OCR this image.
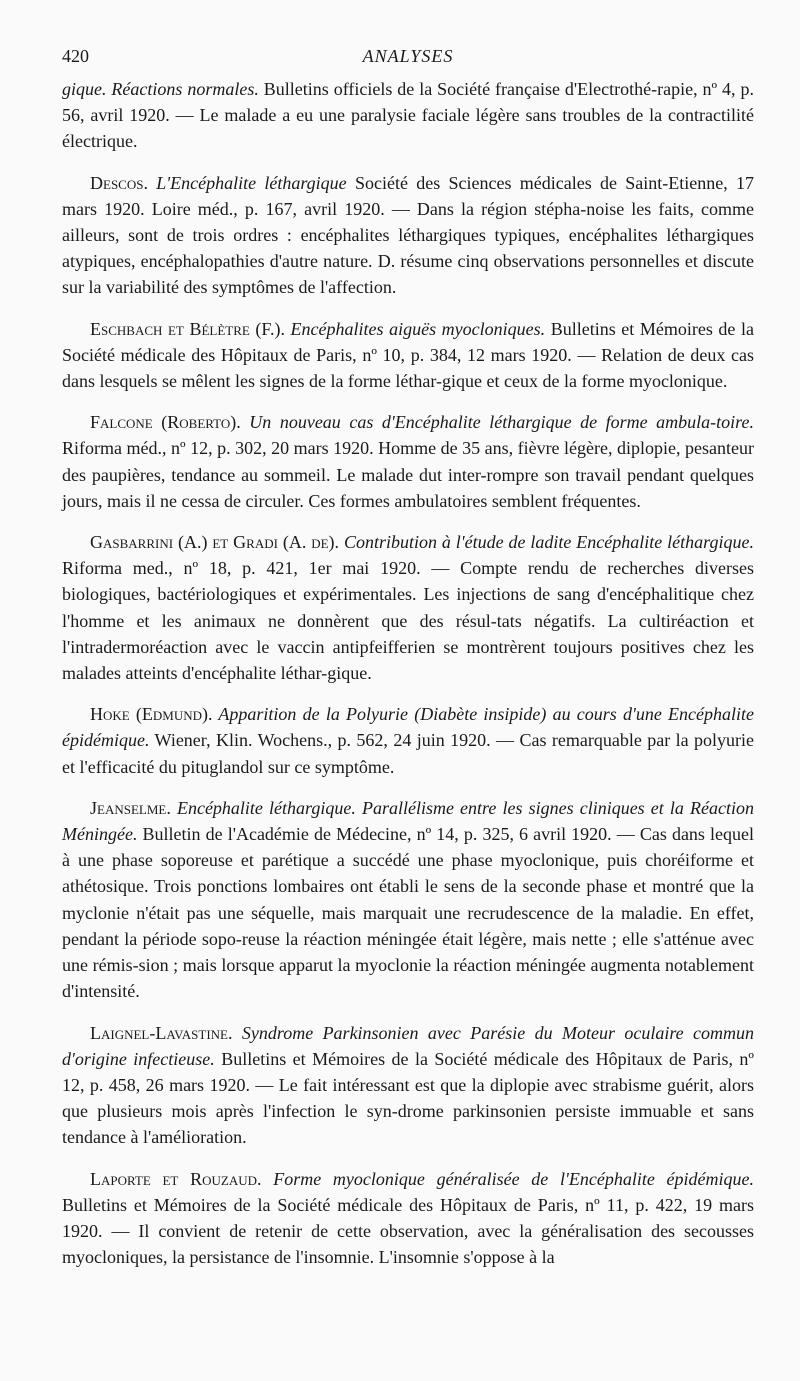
420	ANALYSES

gique. Réactions normales. Bulletins officiels de la Société française d'Electrothé-rapie, nº 4, p. 56, avril 1920. — Le malade a eu une paralysie faciale légère sans troubles de la contractilité électrique.

Descos. L'Encéphalite léthargique Société des Sciences médicales de Saint-Etienne, 17 mars 1920. Loire méd., p. 167, avril 1920. — Dans la région stépha-noise les faits, comme ailleurs, sont de trois ordres : encéphalites léthargiques typiques, encéphalites léthargiques atypiques, encéphalopathies d'autre nature. D. résume cinq observations personnelles et discute sur la variabilité des symptômes de l'affection.

Eschbach et Bélètre (F.). Encéphalites aiguës myocloniques. Bulletins et Mémoires de la Société médicale des Hôpitaux de Paris, nº 10, p. 384, 12 mars 1920. — Relation de deux cas dans lesquels se mêlent les signes de la forme léthar-gique et ceux de la forme myoclonique.

Falcone (Roberto). Un nouveau cas d'Encéphalite léthargique de forme ambula-toire. Riforma méd., nº 12, p. 302, 20 mars 1920. Homme de 35 ans, fièvre légère, diplopie, pesanteur des paupières, tendance au sommeil. Le malade dut inter-rompre son travail pendant quelques jours, mais il ne cessa de circuler. Ces formes ambulatoires semblent fréquentes.

Gasbarrini (A.) et Gradi (A. de). Contribution à l'étude de ladite Encéphalite léthargique. Riforma med., nº 18, p. 421, 1er mai 1920. — Compte rendu de recherches diverses biologiques, bactériologiques et expérimentales. Les injections de sang d'encéphalitique chez l'homme et les animaux ne donnèrent que des résul-tats négatifs. La cultiréaction et l'intradermoréaction avec le vaccin antipfeifferien se montrèrent toujours positives chez les malades atteints d'encéphalite léthar-gique.

Hoke (Edmund). Apparition de la Polyurie (Diabète insipide) au cours d'une Encéphalite épidémique. Wiener, Klin. Wochens., p. 562, 24 juin 1920. — Cas remarquable par la polyurie et l'efficacité du pituglandol sur ce symptôme.

Jeanselme. Encéphalite léthargique. Parallélisme entre les signes cliniques et la Réaction Méningée. Bulletin de l'Académie de Médecine, nº 14, p. 325, 6 avril 1920. — Cas dans lequel à une phase soporeuse et parétique a succédé une phase myoclonique, puis choréiforme et athétosique. Trois ponctions lombaires ont établi le sens de la seconde phase et montré que la myclonie n'était pas une séquelle, mais marquait une recrudescence de la maladie. En effet, pendant la période sopo-reuse la réaction méningée était légère, mais nette ; elle s'atténue avec une rémis-sion ; mais lorsque apparut la myoclonie la réaction méningée augmenta notablement d'intensité.

Laignel-Lavastine. Syndrome Parkinsonien avec Parésie du Moteur oculaire commun d'origine infectieuse. Bulletins et Mémoires de la Société médicale des Hôpitaux de Paris, nº 12, p. 458, 26 mars 1920. — Le fait intéressant est que la diplopie avec strabisme guérit, alors que plusieurs mois après l'infection le syn-drome parkinsonien persiste immuable et sans tendance à l'amélioration.

Laporte et Rouzaud. Forme myoclonique généralisée de l'Encéphalite épidémique. Bulletins et Mémoires de la Société médicale des Hôpitaux de Paris, nº 11, p. 422, 19 mars 1920. — Il convient de retenir de cette observation, avec la généralisation des secousses myocloniques, la persistance de l'insomnie. L'insomnie s'oppose à la
